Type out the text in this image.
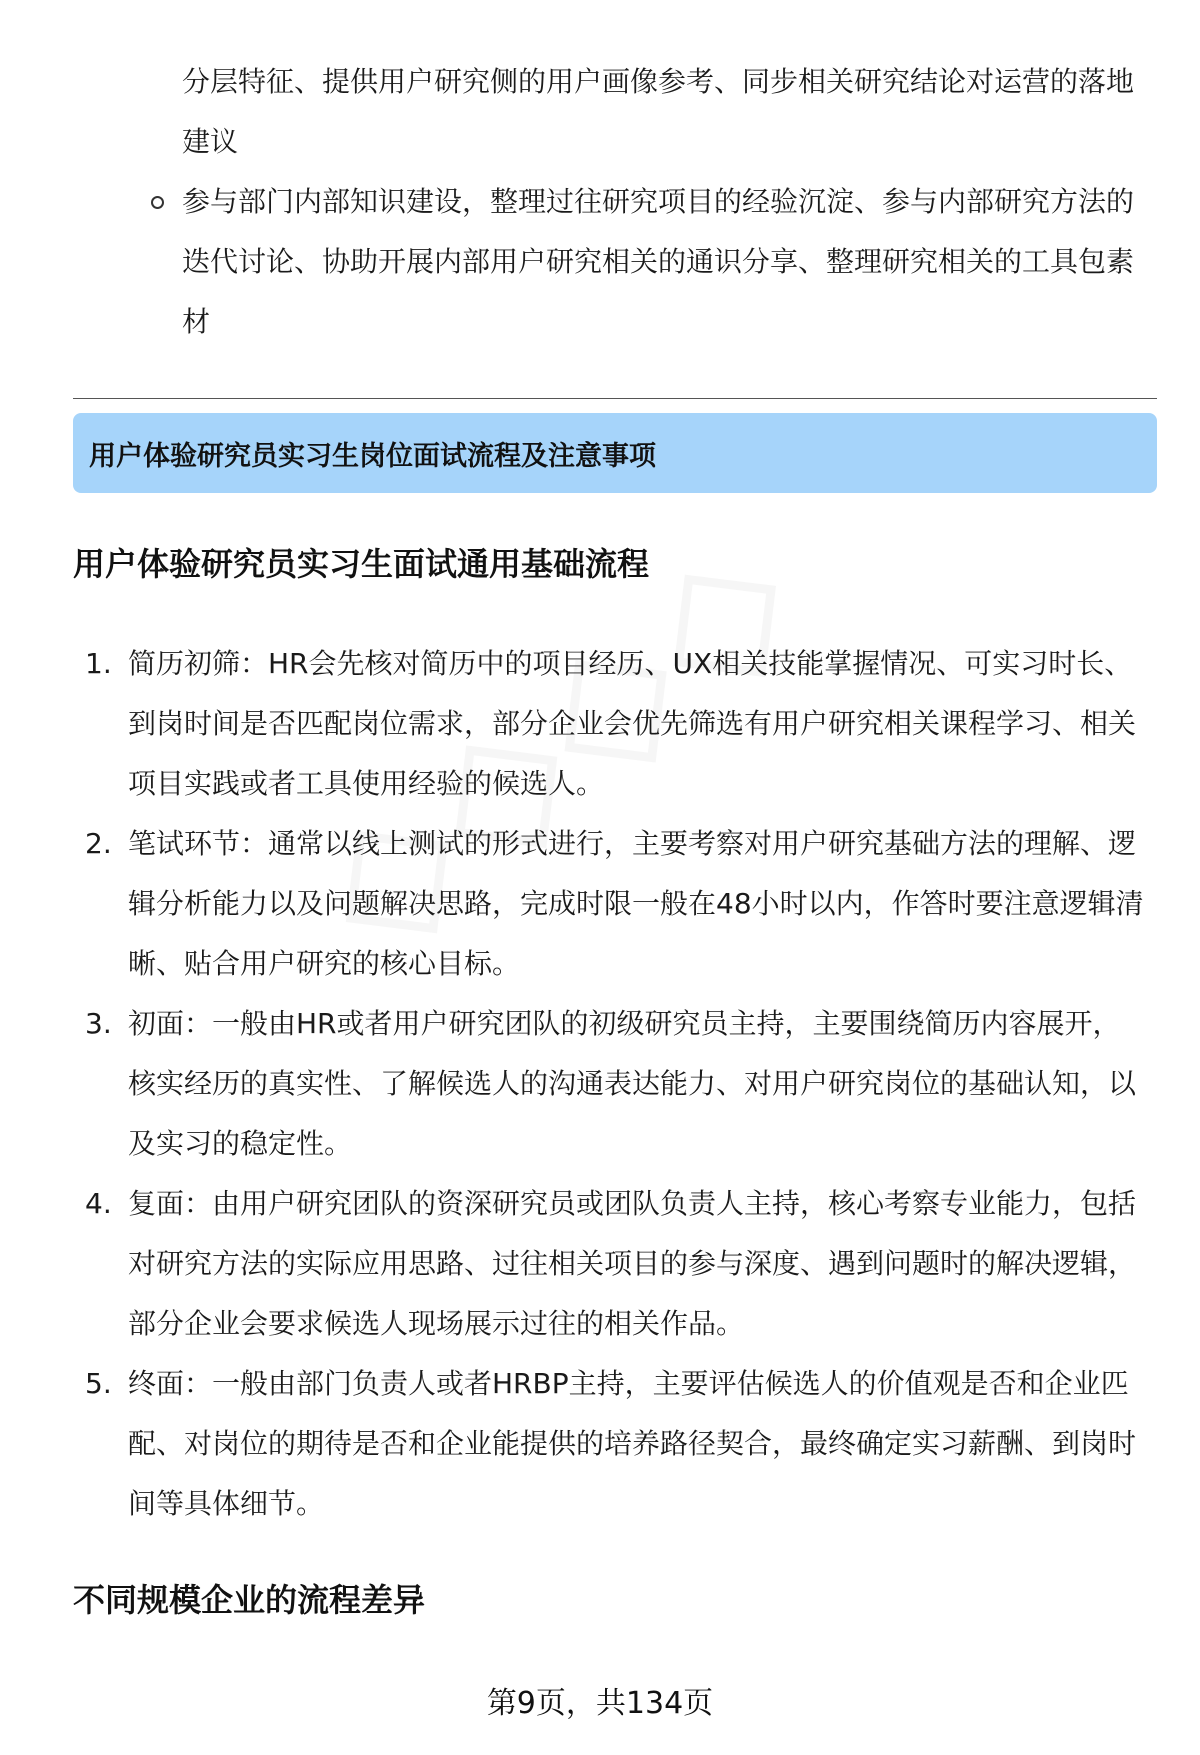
分层特征、提供用户研究侧的用户画像参考、同步相关研究结论对运营的落地建议

参与部门内部知识建设，整理过往研究项目的经验沉淀、参与内部研究方法的迭代讨论、协助开展内部用户研究相关的通识分享、整理研究相关的工具包素材

用户体验研究员实习生岗位面试流程及注意事项
用户体验研究员实习生面试通用基础流程
1. 简历初筛：HR会先核对简历中的项目经历、UX相关技能掌握情况、可实习时长、到岗时间是否匹配岗位需求，部分企业会优先筛选有用户研究相关课程学习、相关项目实践或者工具使用经验的候选人。

2. 笔试环节：通常以线上测试的形式进行，主要考察对用户研究基础方法的理解、逻辑分析能力以及问题解决思路，完成时限一般在48小时以内，作答时要注意逻辑清晰、贴合用户研究的核心目标。

3. 初面：一般由HR或者用户研究团队的初级研究员主持，主要围绕简历内容展开，核实经历的真实性、了解候选人的沟通表达能力、对用户研究岗位的基础认知，以及实习的稳定性。

4. 复面：由用户研究团队的资深研究员或团队负责人主持，核心考察专业能力，包括对研究方法的实际应用思路、过往相关项目的参与深度、遇到问题时的解决逻辑，部分企业会要求候选人现场展示过往的相关作品。

5. 终面：一般由部门负责人或者HRBP主持，主要评估候选人的价值观是否和企业匹配、对岗位的期待是否和企业能提供的培养路径契合，最终确定实习薪酬、到岗时间等具体细节。

不同规模企业的流程差异
第9页，共134页
